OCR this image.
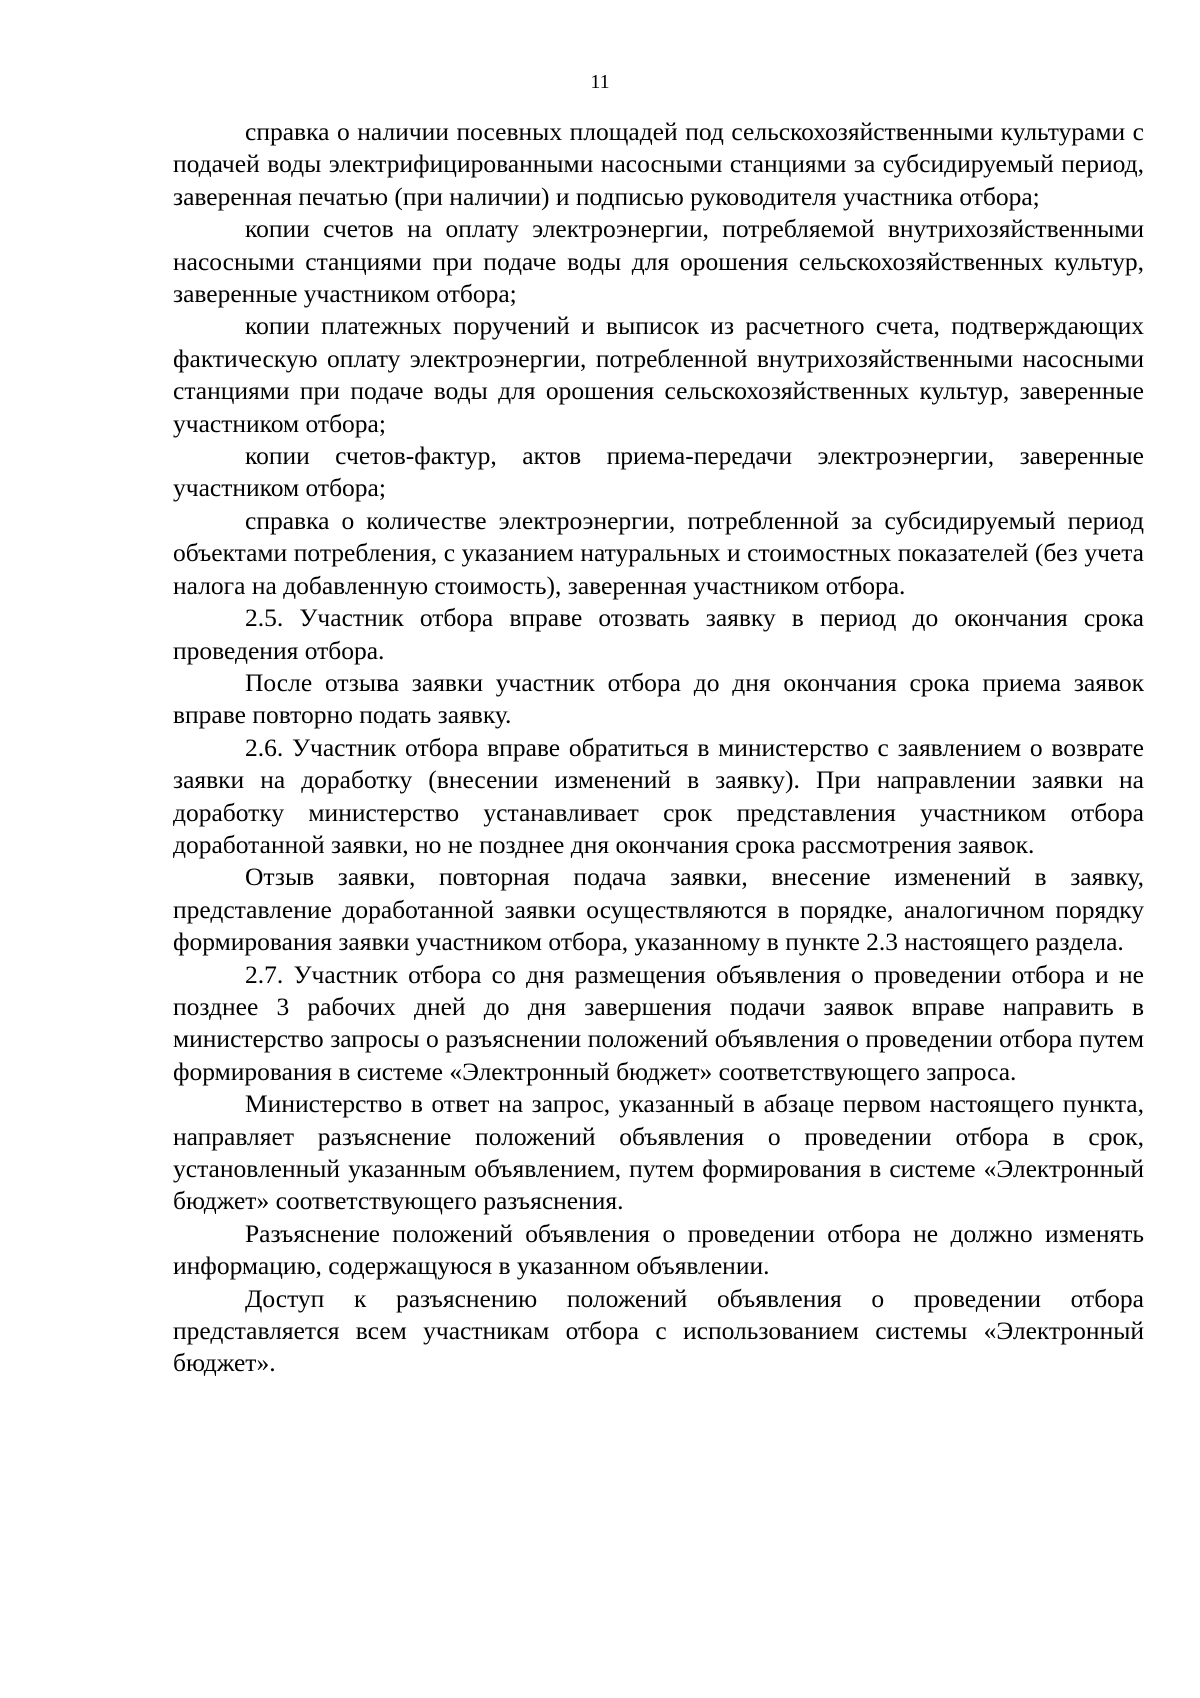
11

справка о наличии посевных площадей под сельскохозяйственными культурами с подачей воды электрифицированными насосными станциями за субсидируемый период, заверенная печатью (при наличии) и подписью руководителя участника отбора;

копии счетов на оплату электроэнергии, потребляемой внутрихозяйственными насосными станциями при подаче воды для орошения сельскохозяйственных культур, заверенные участником отбора;

копии платежных поручений и выписок из расчетного счета, подтверждающих фактическую оплату электроэнергии, потребленной внутрихозяйственными насосными станциями при подаче воды для орошения сельскохозяйственных культур, заверенные участником отбора;

копии счетов-фактур, актов приема-передачи электроэнергии, заверенные участником отбора;

справка о количестве электроэнергии, потребленной за субсидируемый период объектами потребления, с указанием натуральных и стоимостных показателей (без учета налога на добавленную стоимость), заверенная участником отбора.

2.5. Участник отбора вправе отозвать заявку в период до окончания срока проведения отбора.

После отзыва заявки участник отбора до дня окончания срока приема заявок вправе повторно подать заявку.

2.6. Участник отбора вправе обратиться в министерство с заявлением о возврате заявки на доработку (внесении изменений в заявку). При направлении заявки на доработку министерство устанавливает срок представления участником отбора доработанной заявки, но не позднее дня окончания срока рассмотрения заявок.

Отзыв заявки, повторная подача заявки, внесение изменений в заявку, представление доработанной заявки осуществляются в порядке, аналогичном порядку формирования заявки участником отбора, указанному в пункте 2.3 настоящего раздела.

2.7. Участник отбора со дня размещения объявления о проведении отбора и не позднее 3 рабочих дней до дня завершения подачи заявок вправе направить в министерство запросы о разъяснении положений объявления о проведении отбора путем формирования в системе «Электронный бюджет» соответствующего запроса.

Министерство в ответ на запрос, указанный в абзаце первом настоящего пункта, направляет разъяснение положений объявления о проведении отбора в срок, установленный указанным объявлением, путем формирования в системе «Электронный бюджет» соответствующего разъяснения.

Разъяснение положений объявления о проведении отбора не должно изменять информацию, содержащуюся в указанном объявлении.

Доступ к разъяснению положений объявления о проведении отбора представляется всем участникам отбора с использованием системы «Электронный бюджет».
